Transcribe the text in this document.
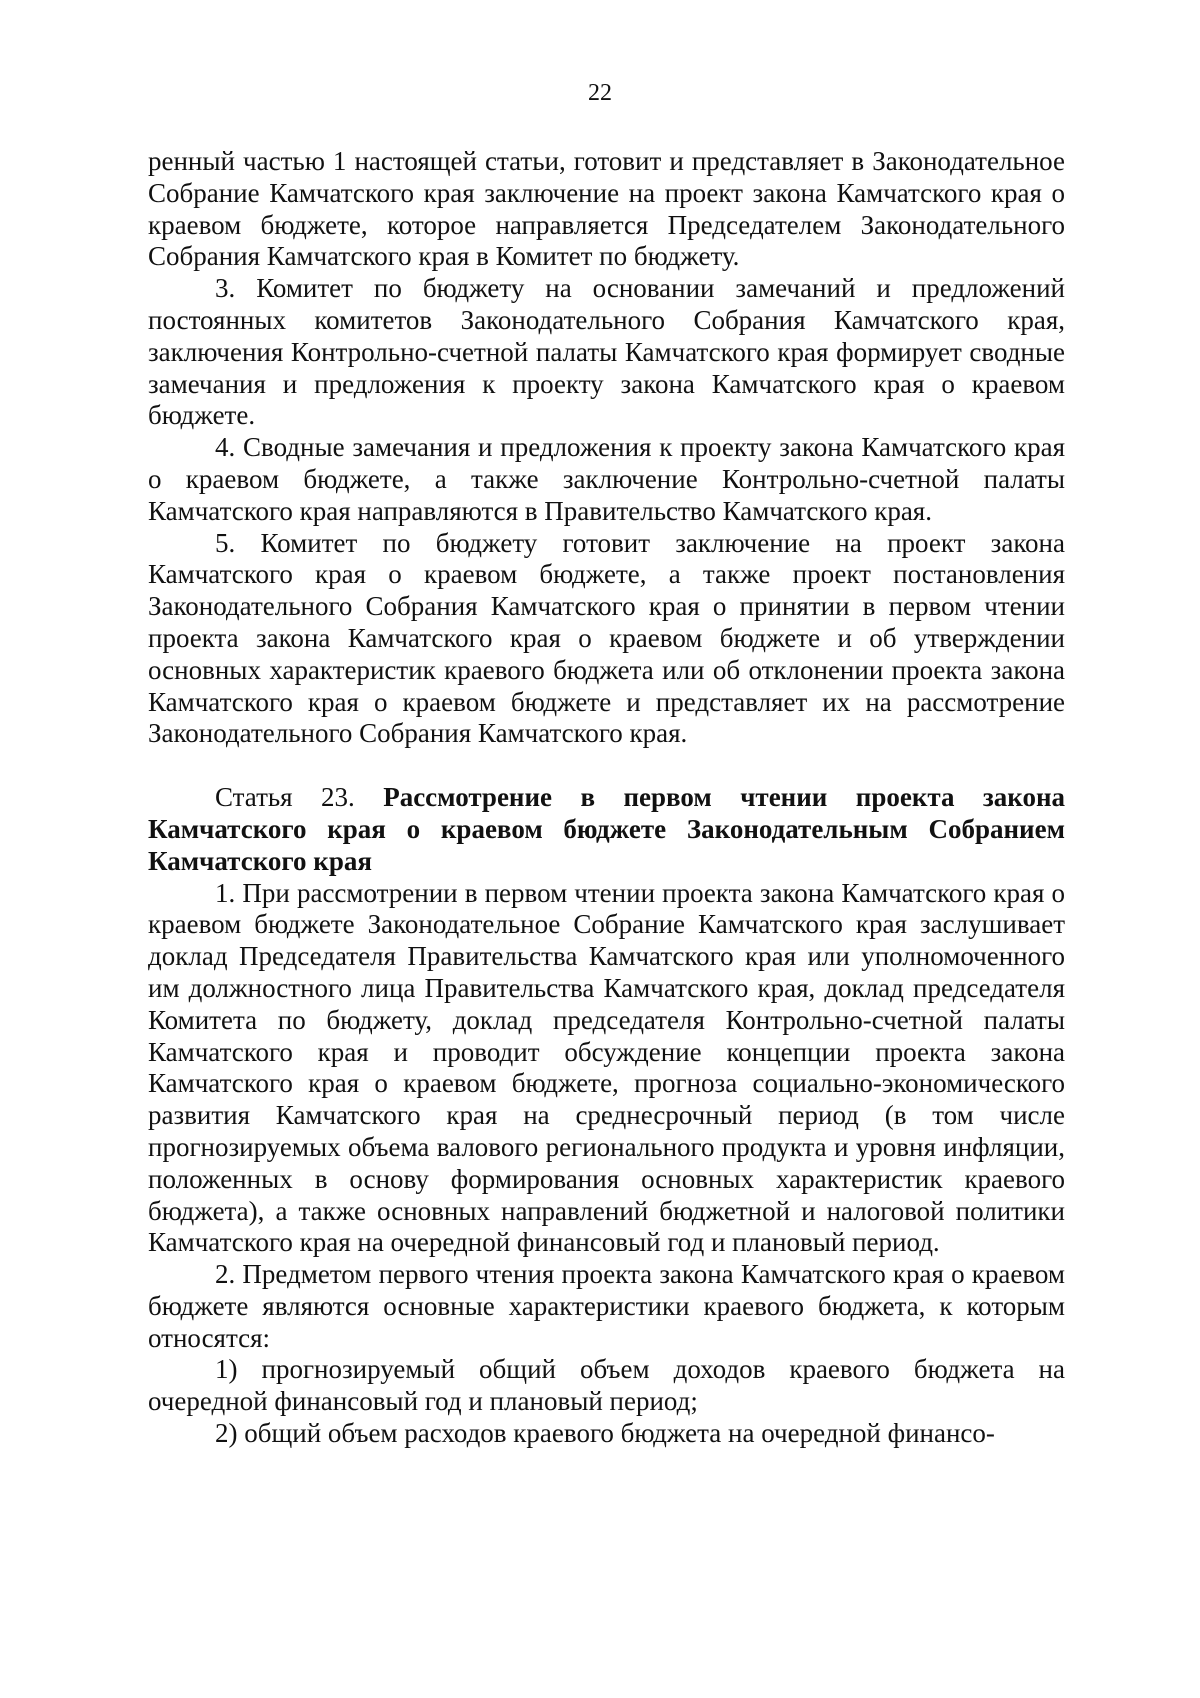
22

ренный частью 1 настоящей статьи, готовит и представляет в Законодательное Собрание Камчатского края заключение на проект закона Камчатского края о краевом бюджете, которое направляется Председателем Законодательного Собрания Камчатского края в Комитет по бюджету.

3. Комитет по бюджету на основании замечаний и предложений постоянных комитетов Законодательного Собрания Камчатского края, заключения Контрольно-счетной палаты Камчатского края формирует сводные замечания и предложения к проекту закона Камчатского края о краевом бюджете.

4. Сводные замечания и предложения к проекту закона Камчатского края о краевом бюджете, а также заключение Контрольно-счетной палаты Камчатского края направляются в Правительство Камчатского края.

5. Комитет по бюджету готовит заключение на проект закона Камчатского края о краевом бюджете, а также проект постановления Законодательного Собрания Камчатского края о принятии в первом чтении проекта закона Камчатского края о краевом бюджете и об утверждении основных характеристик краевого бюджета или об отклонении проекта закона Камчатского края о краевом бюджете и представляет их на рассмотрение Законодательного Собрания Камчатского края.

Статья 23. Рассмотрение в первом чтении проекта закона Камчатского края о краевом бюджете Законодательным Собранием Камчатского края

1. При рассмотрении в первом чтении проекта закона Камчатского края о краевом бюджете Законодательное Собрание Камчатского края заслушивает доклад Председателя Правительства Камчатского края или уполномоченного им должностного лица Правительства Камчатского края, доклад председателя Комитета по бюджету, доклад председателя Контрольно-счетной палаты Камчатского края и проводит обсуждение концепции проекта закона Камчатского края о краевом бюджете, прогноза социально-экономического развития Камчатского края на среднесрочный период (в том числе прогнозируемых объема валового регионального продукта и уровня инфляции, положенных в основу формирования основных характеристик краевого бюджета), а также основных направлений бюджетной и налоговой политики Камчатского края на очередной финансовый год и плановый период.

2. Предметом первого чтения проекта закона Камчатского края о краевом бюджете являются основные характеристики краевого бюджета, к которым относятся:

1) прогнозируемый общий объем доходов краевого бюджета на очередной финансовый год и плановый период;

2) общий объем расходов краевого бюджета на очередной финансо-
